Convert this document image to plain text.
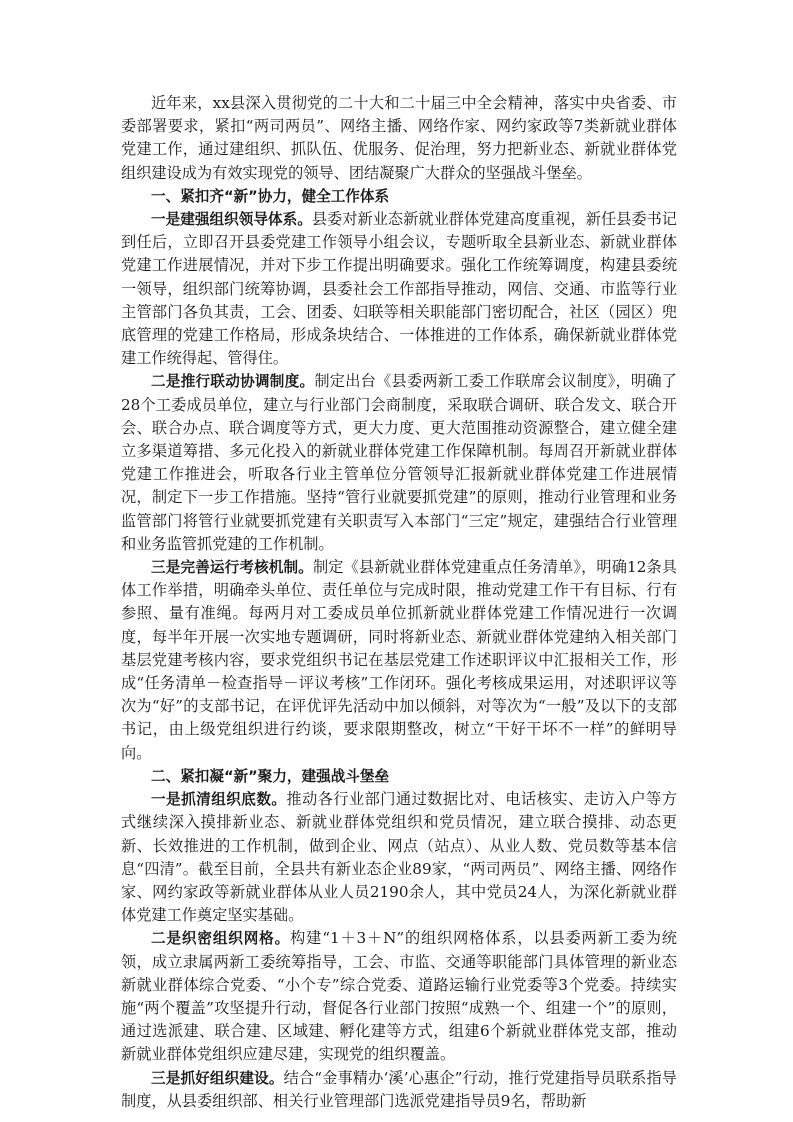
近年来，xx县深入贯彻党的二十大和二十届三中全会精神，落实中央省委、市委部署要求，紧扣“两司两员”、网络主播、网络作家、网约家政等7类新就业群体党建工作，通过建组织、抓队伍、优服务、促治理，努力把新业态、新就业群体党组织建设成为有效实现党的领导、团结凝聚广大群众的坚强战斗堡垒。

一、紧扣齐“新”协力，健全工作体系

一是建强组织领导体系。县委对新业态新就业群体党建高度重视，新任县委书记到任后，立即召开县委党建工作领导小组会议，专题听取全县新业态、新就业群体党建工作进展情况，并对下步工作提出明确要求。强化工作统筹调度，构建县委统一领导，组织部门统筹协调，县委社会工作部指导推动，网信、交通、市监等行业主管部门各负其责，工会、团委、妇联等相关职能部门密切配合，社区（园区）兜底管理的党建工作格局，形成条块结合、一体推进的工作体系，确保新就业群体党建工作统得起、管得住。

二是推行联动协调制度。制定出台《县委两新工委工作联席会议制度》，明确了28个工委成员单位，建立与行业部门会商制度，采取联合调研、联合发文、联合开会、联合办点、联合调度等方式，更大力度、更大范围推动资源整合，建立健全建立多渠道筹措、多元化投入的新就业群体党建工作保障机制。每周召开新就业群体党建工作推进会，听取各行业主管单位分管领导汇报新就业群体党建工作进展情况，制定下一步工作措施。坚持“管行业就要抓党建”的原则，推动行业管理和业务监管部门将管行业就要抓党建有关职责写入本部门“三定”规定，建强结合行业管理和业务监管抓党建的工作机制。

三是完善运行考核机制。制定《县新就业群体党建重点任务清单》，明确12条具体工作举措，明确牵头单位、责任单位与完成时限，推动党建工作干有目标、行有参照、量有准绳。每两月对工委成员单位抓新就业群体党建工作情况进行一次调度，每半年开展一次实地专题调研，同时将新业态、新就业群体党建纳入相关部门基层党建考核内容，要求党组织书记在基层党建工作述职评议中汇报相关工作，形成“任务清单－检查指导－评议考核”工作闭环。强化考核成果运用，对述职评议等次为“好”的支部书记，在评优评先活动中加以倾斜，对等次为“一般”及以下的支部书记，由上级党组织进行约谈，要求限期整改，树立“干好干坏不一样”的鲜明导向。

二、紧扣凝“新”聚力，建强战斗堡垒

一是抓清组织底数。推动各行业部门通过数据比对、电话核实、走访入户等方式继续深入摸排新业态、新就业群体党组织和党员情况，建立联合摸排、动态更新、长效推进的工作机制，做到企业、网点（站点）、从业人数、党员数等基本信息“四清”。截至目前，全县共有新业态企业89家，“两司两员”、网络主播、网络作家、网约家政等新就业群体从业人员2190余人，其中党员24人，为深化新就业群体党建工作奠定坚实基础。

二是织密组织网格。构建“1＋3＋N”的组织网格体系，以县委两新工委为统领，成立隶属两新工委统筹指导，工会、市监、交通等职能部门具体管理的新业态新就业群体综合党委、“小个专”综合党委、道路运输行业党委等3个党委。持续实施“两个覆盖”攻坚提升行动，督促各行业部门按照“成熟一个、组建一个”的原则，通过选派建、联合建、区域建、孵化建等方式，组建6个新就业群体党支部，推动新就业群体党组织应建尽建，实现党的组织覆盖。

三是抓好组织建设。结合“金事精办‘溪’心惠企”行动，推行党建指导员联系指导制度，从县委组织部、相关行业管理部门选派党建指导员9名，帮助新
